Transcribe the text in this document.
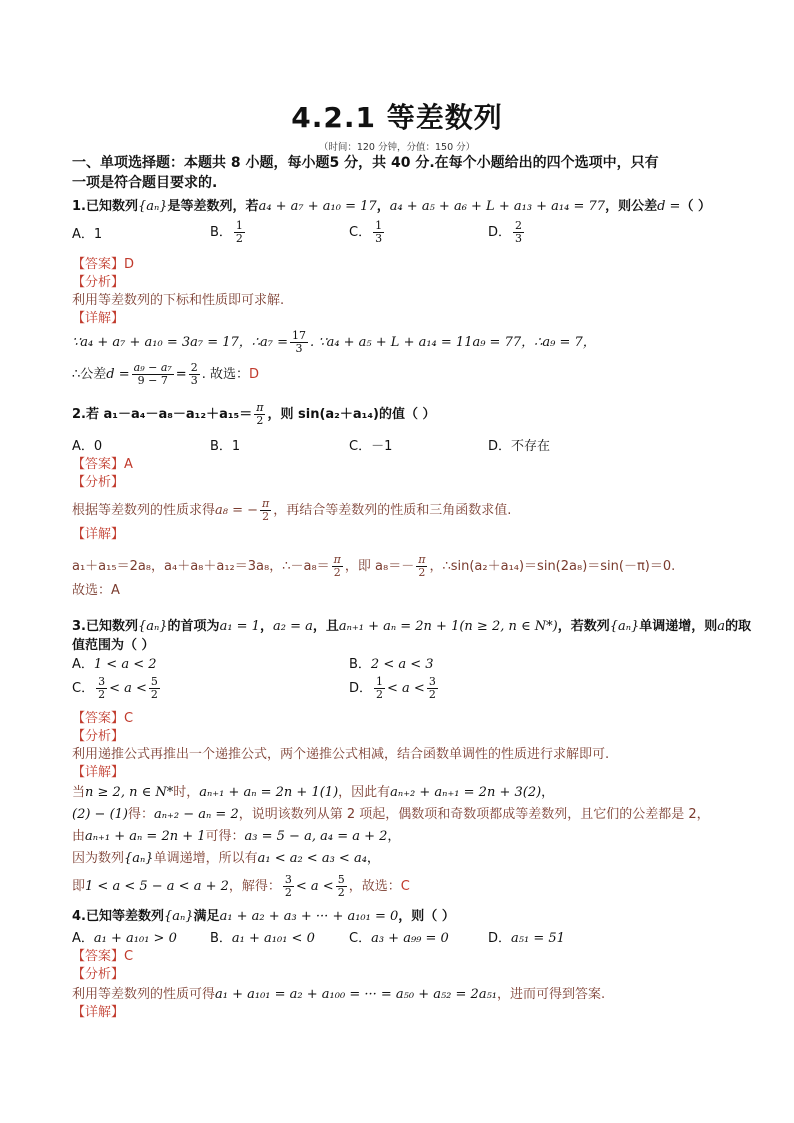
4.2.1 等差数列
（时间：120 分钟，分值：150 分）
一、单项选择题：本题共 8 小题，每小题5 分，共 40 分.在每个小题给出的四个选项中，只有
一项是符合题目要求的.
1.已知数列{aₙ}是等差数列，若a₄ + a₇ + a₁₀ = 17，a₄ + a₅ + a₆ + L + a₁₃ + a₁₄ = 77，则公差d =（ ）
A．1	B． $\frac{1}{2}$	C． $\frac{1}{3}$	D． $\frac{2}{3}$
【答案】D
【分析】
利用等差数列的下标和性质即可求解.
【详解】
∵a₄ + a₇ + a₁₀ = 3a₇ = 17，∴a₇ = $\frac{17}{3}$ . ∵a₄ + a₅ + L + a₁₄ = 11a₉ = 77，∴a₉ = 7，
∴公差$d = \frac{\text{a₉ − a₇}}{9 - 7} = \frac{2}{3}$ . 故选：D
2.若 $a_1-a_4-a_8-a_{12}+a_{15}= \frac{\pi}{2}$ ，则 sin(a₂＋a₁₄)的值（ ）
A．0	B．1	C．－1	D．不存在
【答案】A
【分析】
根据等差数列的性质求得a₈ = − $\frac{\pi}{2}$ ，再结合等差数列的性质和三角函数求值.
【详解】
a₁＋a₁₅＝2a₈，a₄＋a₈＋a₁₂＝3a₈，∴－a₈＝ $\frac{\pi}{2}$ ，即 $a_8=- \frac{\pi}{2}$ ，∴sin(a₂＋a₁₄)＝sin(2a₈)＝sin(－π)＝0.
故选：A
3.已知数列{aₙ}的首项为a₁ = 1，a₂ = a，且aₙ₊₁ + aₙ = 2n + 1(n ≥ 2, n ∈ N*)，若数列{aₙ}单调递增，则a的取
值范围为（ ）
A．1 < a < 2	B．2 < a < 3
C． $\frac{3}{2} < a < \frac{5}{2}$	D． $\frac{1}{2} < a < \frac{3}{2}$
【答案】C
【分析】
利用递推公式再推出一个递推公式，两个递推公式相减，结合函数单调性的性质进行求解即可.
【详解】
当n ≥ 2, n ∈ N*时，aₙ₊₁ + aₙ = 2n + 1(1)，因此有aₙ₊₂ + aₙ₊₁ = 2n + 3(2)，
(2) − (1)得：aₙ₊₂ − aₙ = 2，说明该数列从第 2 项起，偶数项和奇数项都成等差数列，且它们的公差都是 2，
由aₙ₊₁ + aₙ = 2n + 1可得：a₃ = 5 − a, a₄ = a + 2，
因为数列{aₙ}单调递增，所以有a₁ < a₂ < a₃ < a₄，
即1 < a < 5 − a < a + 2，解得： $\frac{3}{2} < a < \frac{5}{2}$ ，故选：C
4.已知等差数列{aₙ}满足a₁ + a₂ + a₃ + ··· + a₁₀₁ = 0，则（ ）
A．a₁ + a₁₀₁ > 0	B．a₁ + a₁₀₁ < 0	C．a₃ + a₉₉ = 0	D．a₅₁ = 51
【答案】C
【分析】
利用等差数列的性质可得a₁ + a₁₀₁ = a₂ + a₁₀₀ = ··· = a₅₀ + a₅₂ = 2a₅₁，进而可得到答案.
【详解】
